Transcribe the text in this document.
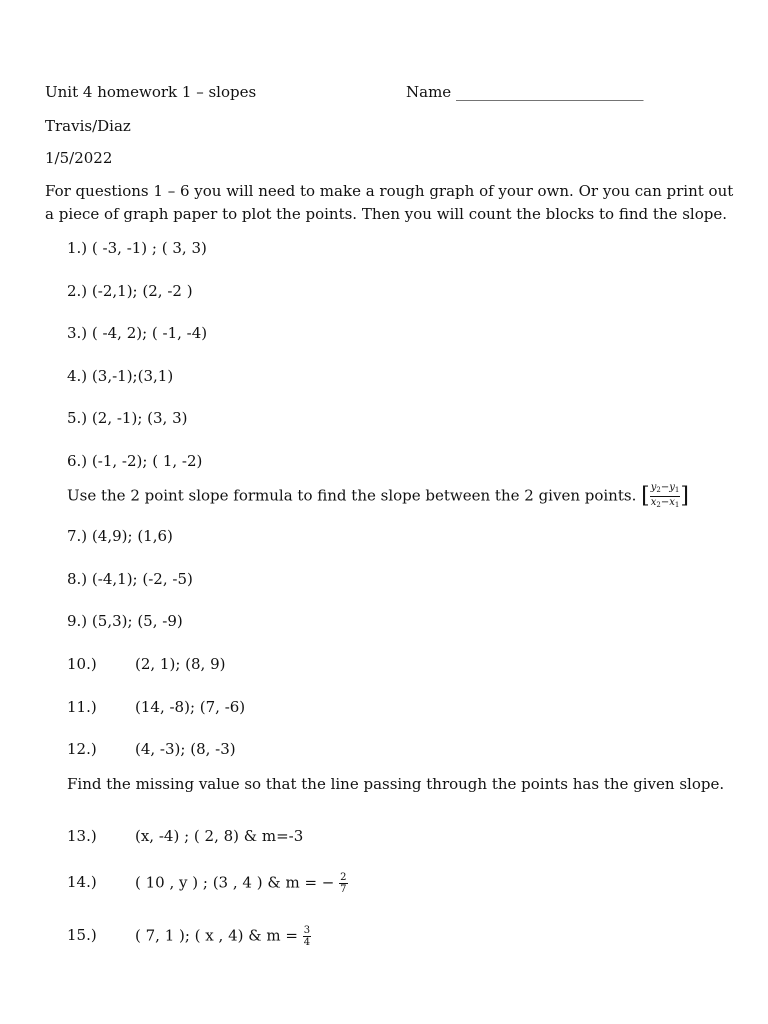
Unit 4 homework 1 – slopes	Name _________________________
Travis/Diaz
1/5/2022
For questions 1 – 6 you will need to make a rough graph of your own. Or you can print out
a piece of graph paper to plot the points. Then you will count the blocks to find the slope.
1.) ( -3, -1) ; ( 3, 3)
2.) (-2,1); (2, -2 )
3.) ( -4, 2); ( -1, -4)
4.) (3,-1);(3,1)
5.) (2, -1); (3, 3)
6.) (-1, -2); ( 1, -2)
Use the 2 point slope formula to find the slope between the 2 given points. [ $\frac{y_2-y_1}{x_2-x_1}$ ]
7.) (4,9); (1,6)
8.) (-4,1); (-2, -5)
9.) (5,3); (5, -9)
10.)	(2, 1); (8, 9)
11.)	(14, -8); (7, -6)
12.)	(4, -3); (8, -3)
Find the missing value so that the line passing through the points has the given slope.
13.)	(x, -4) ; ( 2, 8) & m=-3
14.)	( 10 , y ) ; (3 , 4 ) & m = − $\frac{2}{7}$
15.)	( 7, 1 ); ( x , 4) & $m = \frac{3}{4}$
